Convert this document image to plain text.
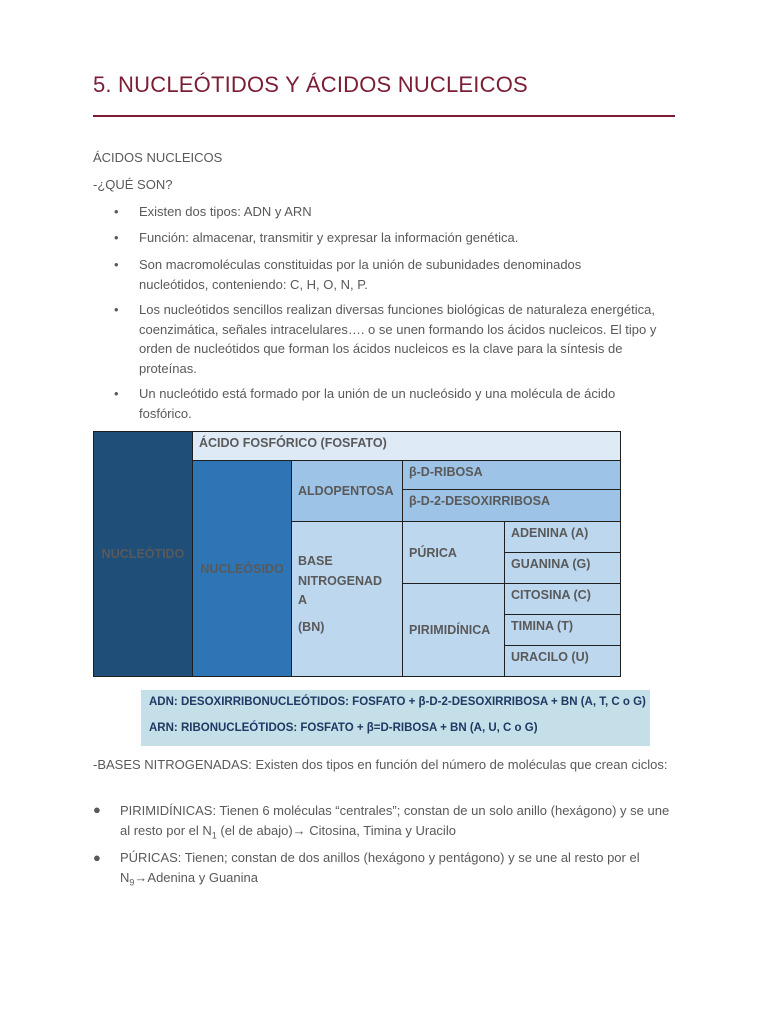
5. NUCLEÓTIDOS Y ÁCIDOS NUCLEICOS
ÁCIDOS NUCLEICOS
-¿QUÉ SON?
• Existen dos tipos: ADN y ARN
• Función: almacenar, transmitir y expresar la información genética.
• Son macromoléculas constituidas por la unión de subunidades denominados nucleótidos, conteniendo: C, H, O, N, P.
• Los nucleótidos sencillos realizan diversas funciones biológicas de naturaleza energética, coenzimática, señales intracelulares…. o se unen formando los ácidos nucleicos. El tipo y orden de nucleótidos que forman los ácidos nucleicos es la clave para la síntesis de proteínas.
• Un nucleótido está formado por la unión de un nucleósido y una molécula de ácido fosfórico.
NUCLEÓTIDO
ÁCIDO FOSFÓRICO (FOSFATO)
NUCLEÓSIDO
ALDOPENTOSA
β-D-RIBOSA
β-D-2-DESOXIRRIBOSA
BASE
NITROGENAD
A
(BN)
PÚRICA
PIRIMIDÍNICA
ADENINA (A)
GUANINA (G)
CITOSINA (C)
TIMINA (T)
URACILO (U)
ADN: DESOXIRRIBONUCLEÓTIDOS: FOSFATO + β-D-2-DESOXIRRIBOSA + BN (A, T, C o G)
ARN: RIBONUCLEÓTIDOS: FOSFATO + β=D-RIBOSA + BN (A, U, C o G)
-BASES NITROGENADAS: Existen dos tipos en función del número de moléculas que crean ciclos:
● PIRIMIDÍNICAS: Tienen 6 moléculas “centrales”; constan de un solo anillo (hexágono) y se une al resto por el $N_1$ (el de abajo)→ Citosina, Timina y Uracilo
● PÚRICAS: Tienen; constan de dos anillos (hexágono y pentágono) y se une al resto por el $N_9\to Adenina$ y Guanina
